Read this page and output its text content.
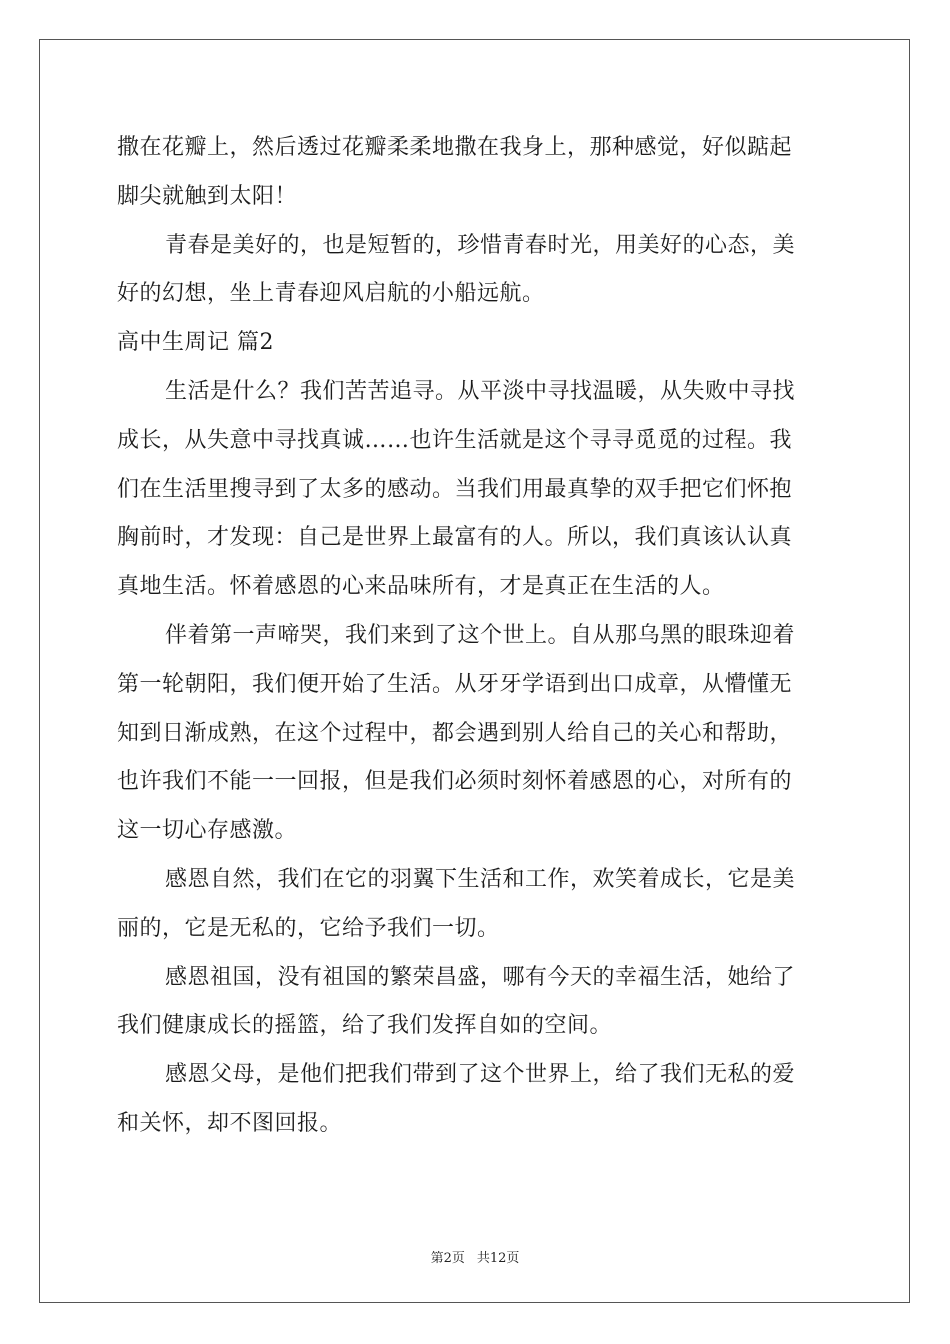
撒在花瓣上，然后透过花瓣柔柔地撒在我身上，那种感觉，好似踮起
脚尖就触到太阳！
青春是美好的，也是短暂的，珍惜青春时光，用美好的心态，美
好的幻想，坐上青春迎风启航的小船远航。
高中生周记 篇2
生活是什么？我们苦苦追寻。从平淡中寻找温暖，从失败中寻找
成长，从失意中寻找真诚……也许生活就是这个寻寻觅觅的过程。我
们在生活里搜寻到了太多的感动。当我们用最真挚的双手把它们怀抱
胸前时，才发现：自己是世界上最富有的人。所以，我们真该认认真
真地生活。怀着感恩的心来品味所有，才是真正在生活的人。
伴着第一声啼哭，我们来到了这个世上。自从那乌黑的眼珠迎着
第一轮朝阳，我们便开始了生活。从牙牙学语到出口成章，从懵懂无
知到日渐成熟，在这个过程中，都会遇到别人给自己的关心和帮助，
也许我们不能一一回报，但是我们必须时刻怀着感恩的心，对所有的
这一切心存感激。
感恩自然，我们在它的羽翼下生活和工作，欢笑着成长，它是美
丽的，它是无私的，它给予我们一切。
感恩祖国，没有祖国的繁荣昌盛，哪有今天的幸福生活，她给了
我们健康成长的摇篮，给了我们发挥自如的空间。
感恩父母，是他们把我们带到了这个世界上，给了我们无私的爱
和关怀，却不图回报。
第2页 共12页
